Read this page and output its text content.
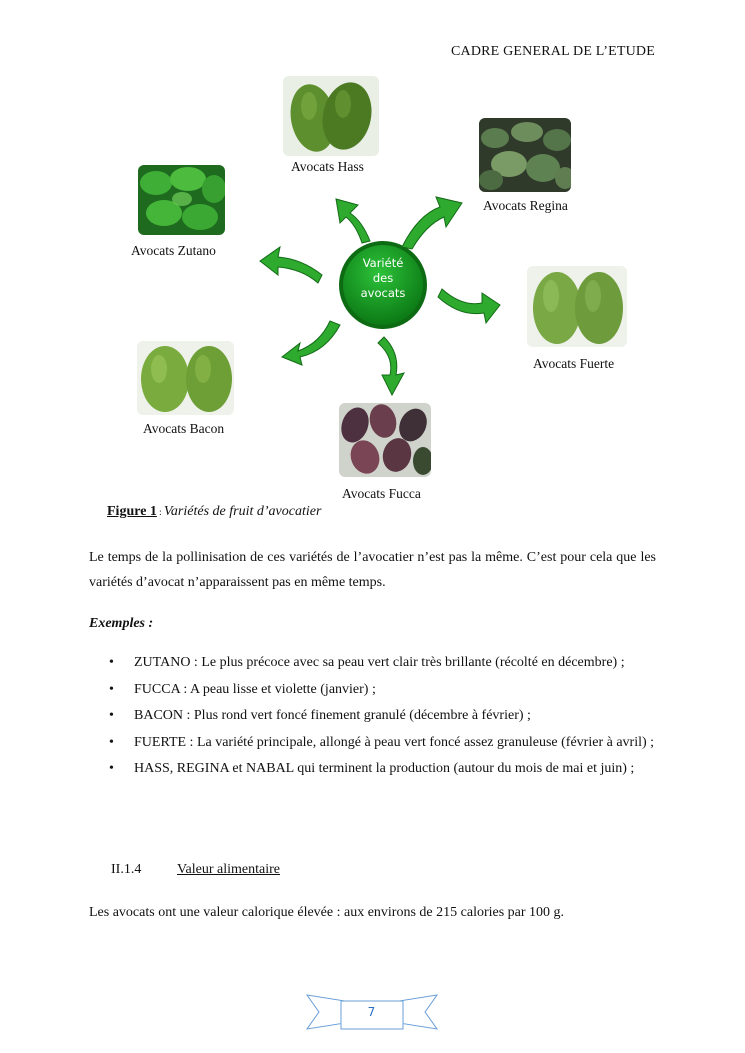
CADRE GENERAL DE L’ETUDE
Avocats Hass
Avocats Regina
Avocats Zutano
Avocats Fuerte
Avocats Bacon
Avocats Fucca
Variété
des
avocats
Figure 1 : Variétés de fruit d’avocatier
Le temps de la pollinisation de ces variétés de l’avocatier n’est pas la même. C’est pour cela que les variétés d’avocat n’apparaissent pas en même temps.
Exemples :
• ZUTANO : Le plus précoce avec sa peau vert clair très brillante (récolté en décembre) ;
• FUCCA : A peau lisse et violette (janvier) ;
• BACON : Plus rond vert foncé finement granulé (décembre à février) ;
• FUERTE : La variété principale, allongé à peau vert foncé assez granuleuse (février à avril) ;
• HASS, REGINA et NABAL qui terminent la production (autour du mois de mai et juin) ;
II.1.4	Valeur alimentaire
Les avocats ont une valeur calorique élevée : aux environs de 215 calories par 100 g.
7
